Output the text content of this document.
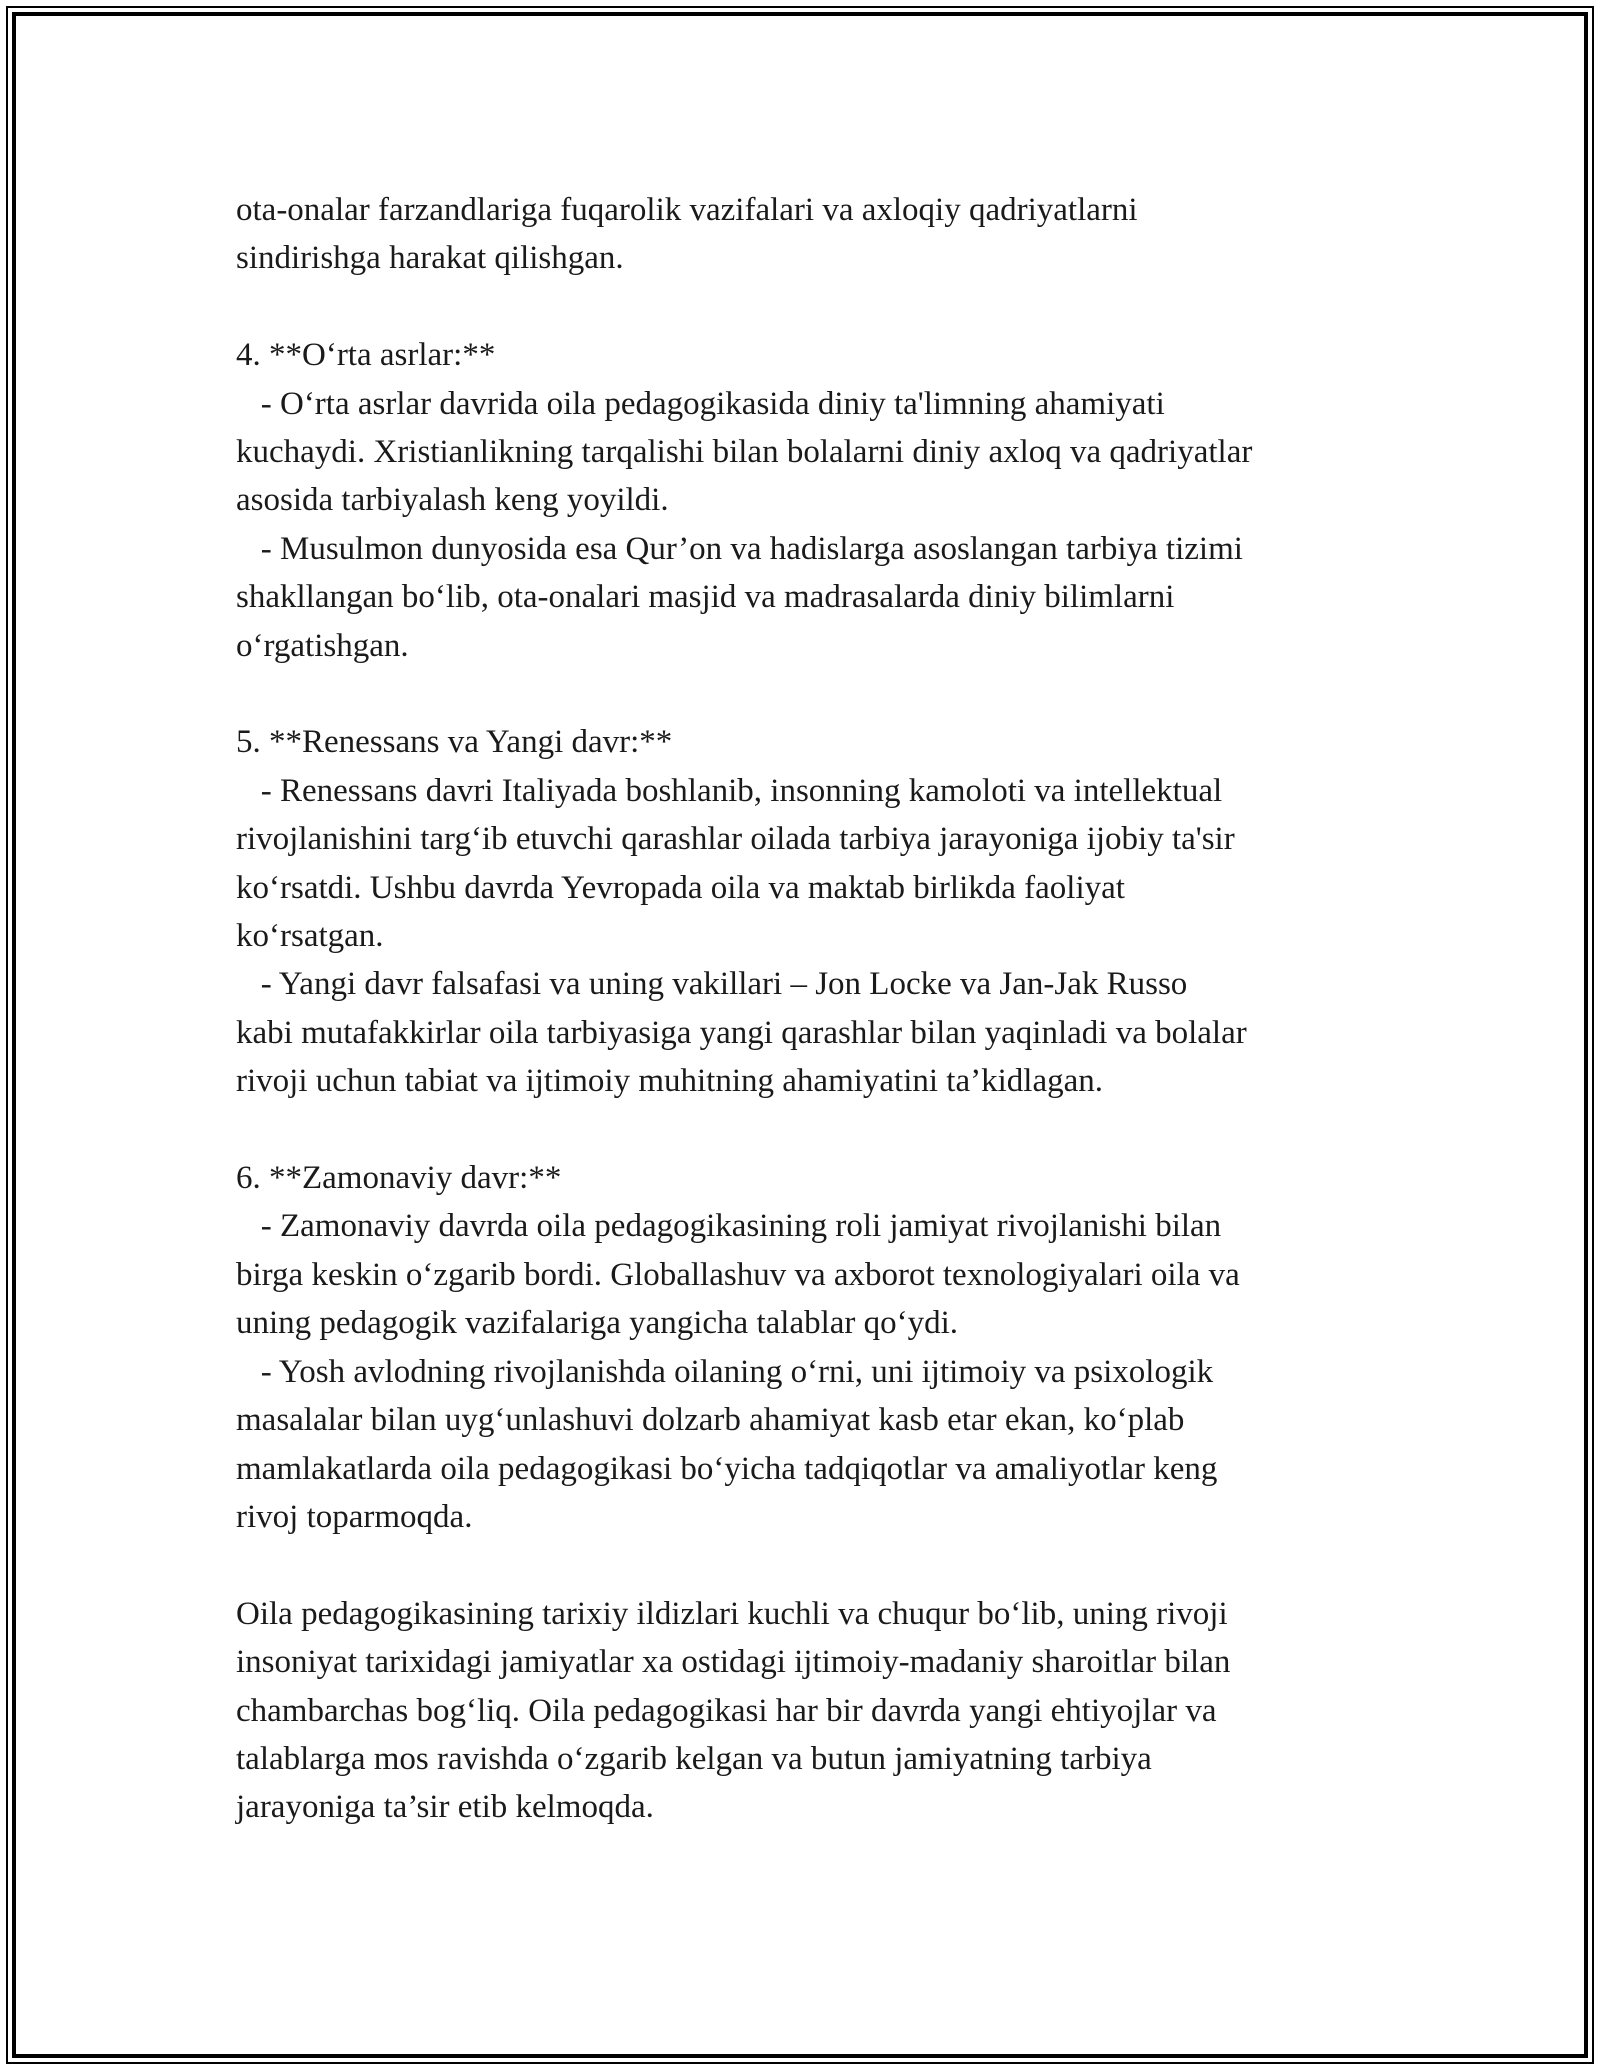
ota-onalar farzandlariga fuqarolik vazifalari va axloqiy qadriyatlarni
sindirishga harakat qilishgan.
4. **O‘rta asrlar:**
- O‘rta asrlar davrida oila pedagogikasida diniy ta'limning ahamiyati
kuchaydi. Xristianlikning tarqalishi bilan bolalarni diniy axloq va qadriyatlar
asosida tarbiyalash keng yoyildi.
- Musulmon dunyosida esa Qur’on va hadislarga asoslangan tarbiya tizimi
shakllangan bo‘lib, ota-onalari masjid va madrasalarda diniy bilimlarni
o‘rgatishgan.
5. **Renessans va Yangi davr:**
- Renessans davri Italiyada boshlanib, insonning kamoloti va intellektual
rivojlanishini targ‘ib etuvchi qarashlar oilada tarbiya jarayoniga ijobiy ta'sir
ko‘rsatdi. Ushbu davrda Yevropada oila va maktab birlikda faoliyat
ko‘rsatgan.
- Yangi davr falsafasi va uning vakillari – Jon Locke va Jan-Jak Russo
kabi mutafakkirlar oila tarbiyasiga yangi qarashlar bilan yaqinladi va bolalar
rivoji uchun tabiat va ijtimoiy muhitning ahamiyatini ta’kidlagan.
6. **Zamonaviy davr:**
- Zamonaviy davrda oila pedagogikasining roli jamiyat rivojlanishi bilan
birga keskin o‘zgarib bordi. Globallashuv va axborot texnologiyalari oila va
uning pedagogik vazifalariga yangicha talablar qo‘ydi.
- Yosh avlodning rivojlanishda oilaning o‘rni, uni ijtimoiy va psixologik
masalalar bilan uyg‘unlashuvi dolzarb ahamiyat kasb etar ekan, ko‘plab
mamlakatlarda oila pedagogikasi bo‘yicha tadqiqotlar va amaliyotlar keng
rivoj toparmoqda.
Oila pedagogikasining tarixiy ildizlari kuchli va chuqur bo‘lib, uning rivoji
insoniyat tarixidagi jamiyatlar xa ostidagi ijtimoiy-madaniy sharoitlar bilan
chambarchas bog‘liq. Oila pedagogikasi har bir davrda yangi ehtiyojlar va
talablarga mos ravishda o‘zgarib kelgan va butun jamiyatning tarbiya
jarayoniga ta’sir etib kelmoqda.
